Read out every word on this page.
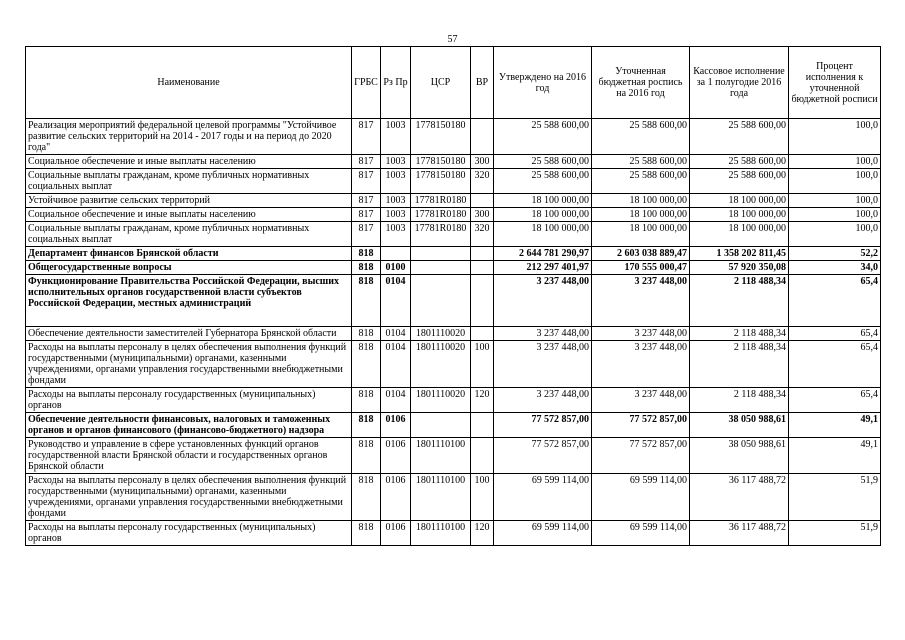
57
Наименование	ГРБС	Рз Пр	ЦСР	ВР	Утверждено на 2016 год	Уточненная бюджетная роспись на 2016 год	Кассовое исполнение за 1 полугодие 2016 года	Процент исполнения к уточненной бюджетной росписи
Реализация мероприятий федеральной целевой программы "Устойчивое развитие сельских территорий на 2014 - 2017 годы и на период до 2020 года"	817	1003	1778150180		25 588 600,00	25 588 600,00	25 588 600,00	100,0
Социальное обеспечение и иные выплаты населению	817	1003	1778150180	300	25 588 600,00	25 588 600,00	25 588 600,00	100,0
Социальные выплаты гражданам, кроме публичных нормативных социальных выплат	817	1003	1778150180	320	25 588 600,00	25 588 600,00	25 588 600,00	100,0
Устойчивое развитие сельских территорий	817	1003	17781R0180		18 100 000,00	18 100 000,00	18 100 000,00	100,0
Социальное обеспечение и иные выплаты населению	817	1003	17781R0180	300	18 100 000,00	18 100 000,00	18 100 000,00	100,0
Социальные выплаты гражданам, кроме публичных нормативных социальных выплат	817	1003	17781R0180	320	18 100 000,00	18 100 000,00	18 100 000,00	100,0
Департамент финансов Брянской области	818				2 644 781 290,97	2 603 038 889,47	1 358 202 811,45	52,2
Общегосударственные вопросы	818	0100			212 297 401,97	170 555 000,47	57 920 350,08	34,0
Функционирование Правительства Российской Федерации, высших исполнительных органов государственной власти субъектов Российской Федерации, местных администраций	818	0104			3 237 448,00	3 237 448,00	2 118 488,34	65,4
Обеспечение деятельности заместителей Губернатора Брянской области	818	0104	1801110020		3 237 448,00	3 237 448,00	2 118 488,34	65,4
Расходы на выплаты персоналу в целях обеспечения выполнения функций государственными (муниципальными) органами, казенными учреждениями, органами управления государственными внебюджетными фондами	818	0104	1801110020	100	3 237 448,00	3 237 448,00	2 118 488,34	65,4
Расходы на выплаты персоналу государственных (муниципальных) органов	818	0104	1801110020	120	3 237 448,00	3 237 448,00	2 118 488,34	65,4
Обеспечение деятельности финансовых, налоговых и таможенных органов и органов финансового (финансово-бюджетного) надзора	818	0106			77 572 857,00	77 572 857,00	38 050 988,61	49,1
Руководство и управление в сфере установленных функций органов государственной власти Брянской области и государственных органов Брянской области	818	0106	1801110100		77 572 857,00	77 572 857,00	38 050 988,61	49,1
Расходы на выплаты персоналу в целях обеспечения выполнения функций государственными (муниципальными) органами, казенными учреждениями, органами управления государственными внебюджетными фондами	818	0106	1801110100	100	69 599 114,00	69 599 114,00	36 117 488,72	51,9
Расходы на выплаты персоналу государственных (муниципальных) органов	818	0106	1801110100	120	69 599 114,00	69 599 114,00	36 117 488,72	51,9
